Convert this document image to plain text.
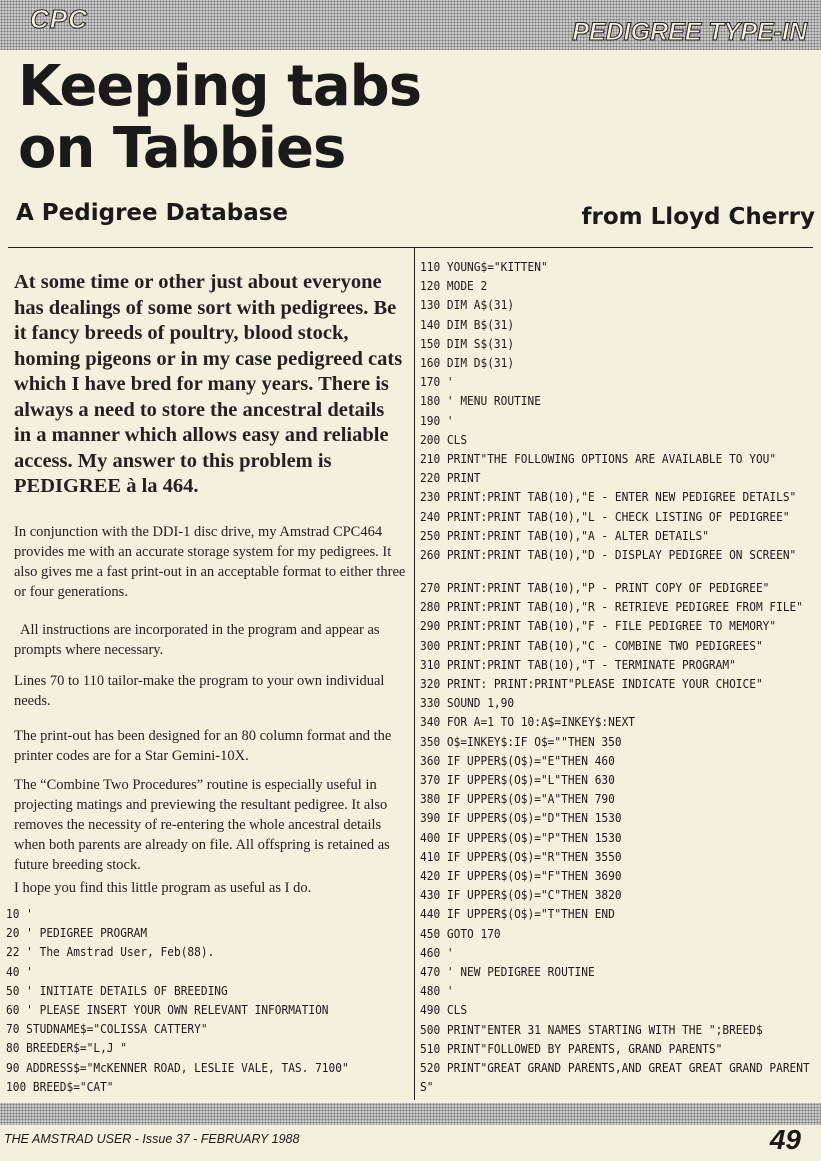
CPC	PEDIGREE TYPE-IN
Keeping tabs
on Tabbies
A Pedigree Database	from Lloyd Cherry

At some time or other just about everyone has dealings of some sort with pedigrees. Be it fancy breeds of poultry, blood stock, homing pigeons or in my case pedigreed cats which I have bred for many years. There is always a need to store the ancestral details in a manner which allows easy and reliable access. My answer to this problem is PEDIGREE à la 464.

In conjunction with the DDI-1 disc drive, my Amstrad CPC464 provides me with an accurate storage system for my pedigrees. It also gives me a fast print-out in an acceptable format to either three or four generations.

All instructions are incorporated in the program and appear as prompts where necessary.

Lines 70 to 110 tailor-make the program to your own individual needs.

The print-out has been designed for an 80 column format and the printer codes are for a Star Gemini-10X.

The “Combine Two Procedures” routine is especially useful in projecting matings and previewing the resultant pedigree. It also removes the necessity of re-entering the whole ancestral details when both parents are already on file. All offspring is retained as future breeding stock.

I hope you find this little program as useful as I do.

10 '
20 ' PEDIGREE PROGRAM
22 ' The Amstrad User, Feb(88).
40 '
50 ' INITIATE DETAILS OF BREEDING
60 ' PLEASE INSERT YOUR OWN RELEVANT INFORMATION
70 STUDNAME$="COLISSA CATTERY"
80 BREEDER$="L,J "
90 ADDRESS$="McKENNER ROAD, LESLIE VALE, TAS. 7100"
100 BREED$="CAT"
110 YOUNG$="KITTEN"
120 MODE 2
130 DIM A$(31)
140 DIM B$(31)
150 DIM S$(31)
160 DIM D$(31)
170 '
180 ' MENU ROUTINE
190 '
200 CLS
210 PRINT"THE FOLLOWING OPTIONS ARE AVAILABLE TO YOU"
220 PRINT
230 PRINT:PRINT TAB(10),"E - ENTER NEW PEDIGREE DETAILS"
240 PRINT:PRINT TAB(10),"L - CHECK LISTING OF PEDIGREE"
250 PRINT:PRINT TAB(10),"A - ALTER DETAILS"
260 PRINT:PRINT TAB(10),"D - DISPLAY PEDIGREE ON SCREEN"
270 PRINT:PRINT TAB(10),"P - PRINT COPY OF PEDIGREE"
280 PRINT:PRINT TAB(10),"R - RETRIEVE PEDIGREE FROM FILE"
290 PRINT:PRINT TAB(10),"F - FILE PEDIGREE TO MEMORY"
300 PRINT:PRINT TAB(10),"C - COMBINE TWO PEDIGREES"
310 PRINT:PRINT TAB(10),"T - TERMINATE PROGRAM"
320 PRINT: PRINT:PRINT"PLEASE INDICATE YOUR CHOICE"
330 SOUND 1,90
340 FOR A=1 TO 10:A$=INKEY$:NEXT
350 O$=INKEY$:IF O$=""THEN 350
360 IF UPPER$(O$)="E"THEN 460
370 IF UPPER$(O$)="L"THEN 630
380 IF UPPER$(O$)="A"THEN 790
390 IF UPPER$(O$)="D"THEN 1530
400 IF UPPER$(O$)="P"THEN 1530
410 IF UPPER$(O$)="R"THEN 3550
420 IF UPPER$(O$)="F"THEN 3690
430 IF UPPER$(O$)="C"THEN 3820
440 IF UPPER$(O$)="T"THEN END
450 GOTO 170
460 '
470 ' NEW PEDIGREE ROUTINE
480 '
490 CLS
500 PRINT"ENTER 31 NAMES STARTING WITH THE ";BREED$
510 PRINT"FOLLOWED BY PARENTS, GRAND PARENTS"
520 PRINT"GREAT GRAND PARENTS,AND GREAT GREAT GRAND PARENT
S"
THE AMSTRAD USER - Issue 37 - FEBRUARY 1988	49
